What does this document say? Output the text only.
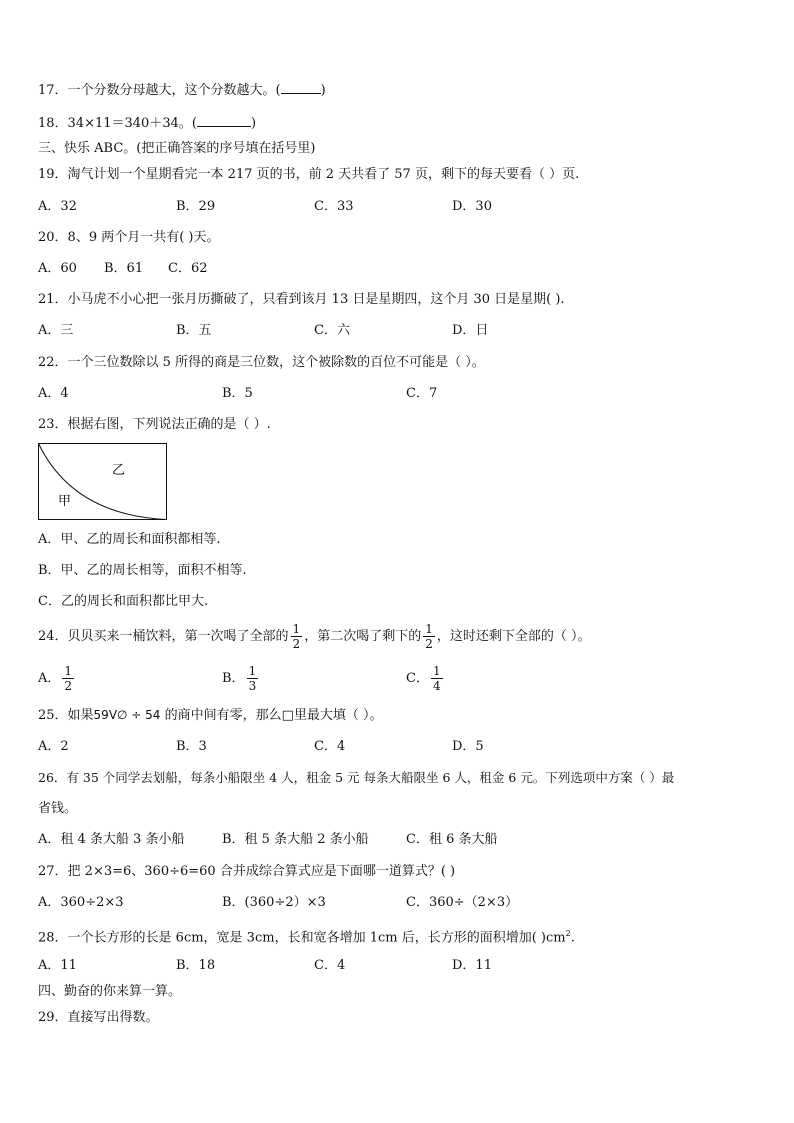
17．一个分数分母越大，这个分数越大。(	)
18．34×11＝340＋34。(	)
三、快乐 ABC。(把正确答案的序号填在括号里)
19．淘气计划一个星期看完一本 217 页的书，前 2 天共看了 57 页，剩下的每天要看（ ）页.
A．32	B．29	C．33	D．30
20．8、9 两个月一共有( )天。
A．60 B．61 C．62
21．小马虎不小心把一张月历撕破了，只看到该月 13 日是星期四，这个月 30 日是星期( ).
A．三	B．五	C．六	D．日
22．一个三位数除以 5 所得的商是三位数，这个被除数的百位不可能是（ ）。
A．4	B．5	C．7
23．根据右图，下列说法正确的是（ ）.
乙
甲
A．甲、乙的周长和面积都相等.
B．甲、乙的周长相等，面积不相等.
C．乙的周长和面积都比甲大.
24．贝贝买来一桶饮料，第一次喝了全部的 $\frac{1}{2}$ ，第二次喝了剩下的 $\frac{1}{2}$ ，这时还剩下全部的（ ）。
A． $\frac{1}{2}$	B． $\frac{1}{3}$	C． $\frac{1}{4}$
25．如果59V∅ ÷ 54 的商中间有零，那么□里最大填（ ）。
A．2	B．3	C．4	D．5
26．有 35 个同学去划船，每条小船限坐 4 人，租金 5 元 每条大船限坐 6 人，租金 6 元。下列选项中方案（ ）最
省钱。
A．租 4 条大船 3 条小船	B．租 5 条大船 2 条小船	C．租 6 条大船
27．把 2×3=6、360÷6=60 合并成综合算式应是下面哪一道算式？( )
A．360÷2×3	B．(360÷2）×3	C．360÷（2×3）
28．一个长方形的长是 6cm，宽是 3cm，长和宽各增加 1cm 后，长方形的面积增加( )$cm^2$.
A．11	B．18	C．4	D．11
四、勤奋的你来算一算。
29．直接写出得数。
